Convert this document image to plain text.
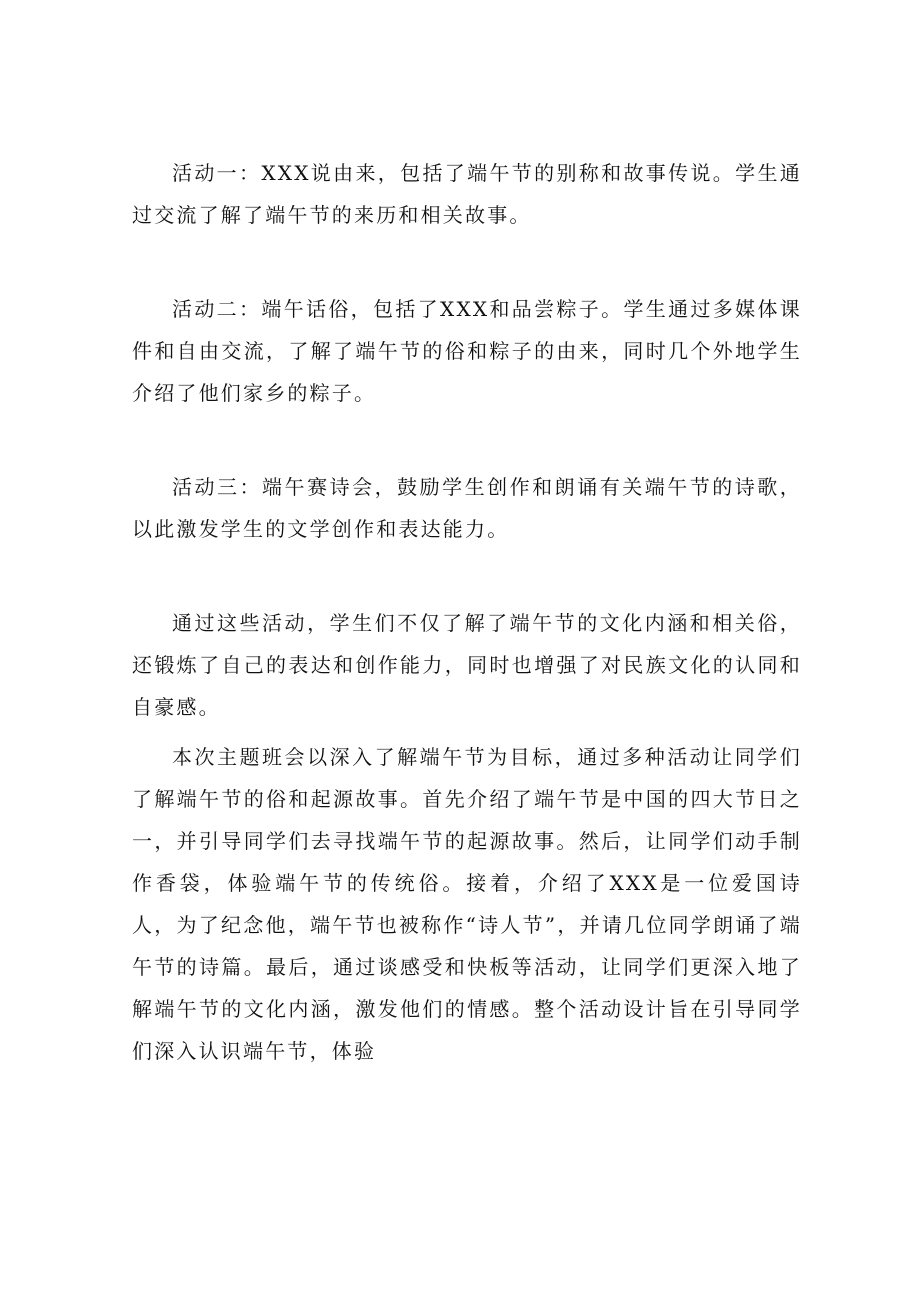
活动一：XXX说由来，包括了端午节的别称和故事传说。学生通过交流了解了端午节的来历和相关故事。

活动二：端午话俗，包括了XXX和品尝粽子。学生通过多媒体课件和自由交流，了解了端午节的俗和粽子的由来，同时几个外地学生介绍了他们家乡的粽子。

活动三：端午赛诗会，鼓励学生创作和朗诵有关端午节的诗歌，以此激发学生的文学创作和表达能力。

通过这些活动，学生们不仅了解了端午节的文化内涵和相关俗，还锻炼了自己的表达和创作能力，同时也增强了对民族文化的认同和自豪感。

本次主题班会以深入了解端午节为目标，通过多种活动让同学们了解端午节的俗和起源故事。首先介绍了端午节是中国的四大节日之一，并引导同学们去寻找端午节的起源故事。然后，让同学们动手制作香袋，体验端午节的传统俗。接着，介绍了XXX是一位爱国诗人，为了纪念他，端午节也被称作“诗人节”，并请几位同学朗诵了端午节的诗篇。最后，通过谈感受和快板等活动，让同学们更深入地了解端午节的文化内涵，激发他们的情感。整个活动设计旨在引导同学们深入认识端午节，体验
